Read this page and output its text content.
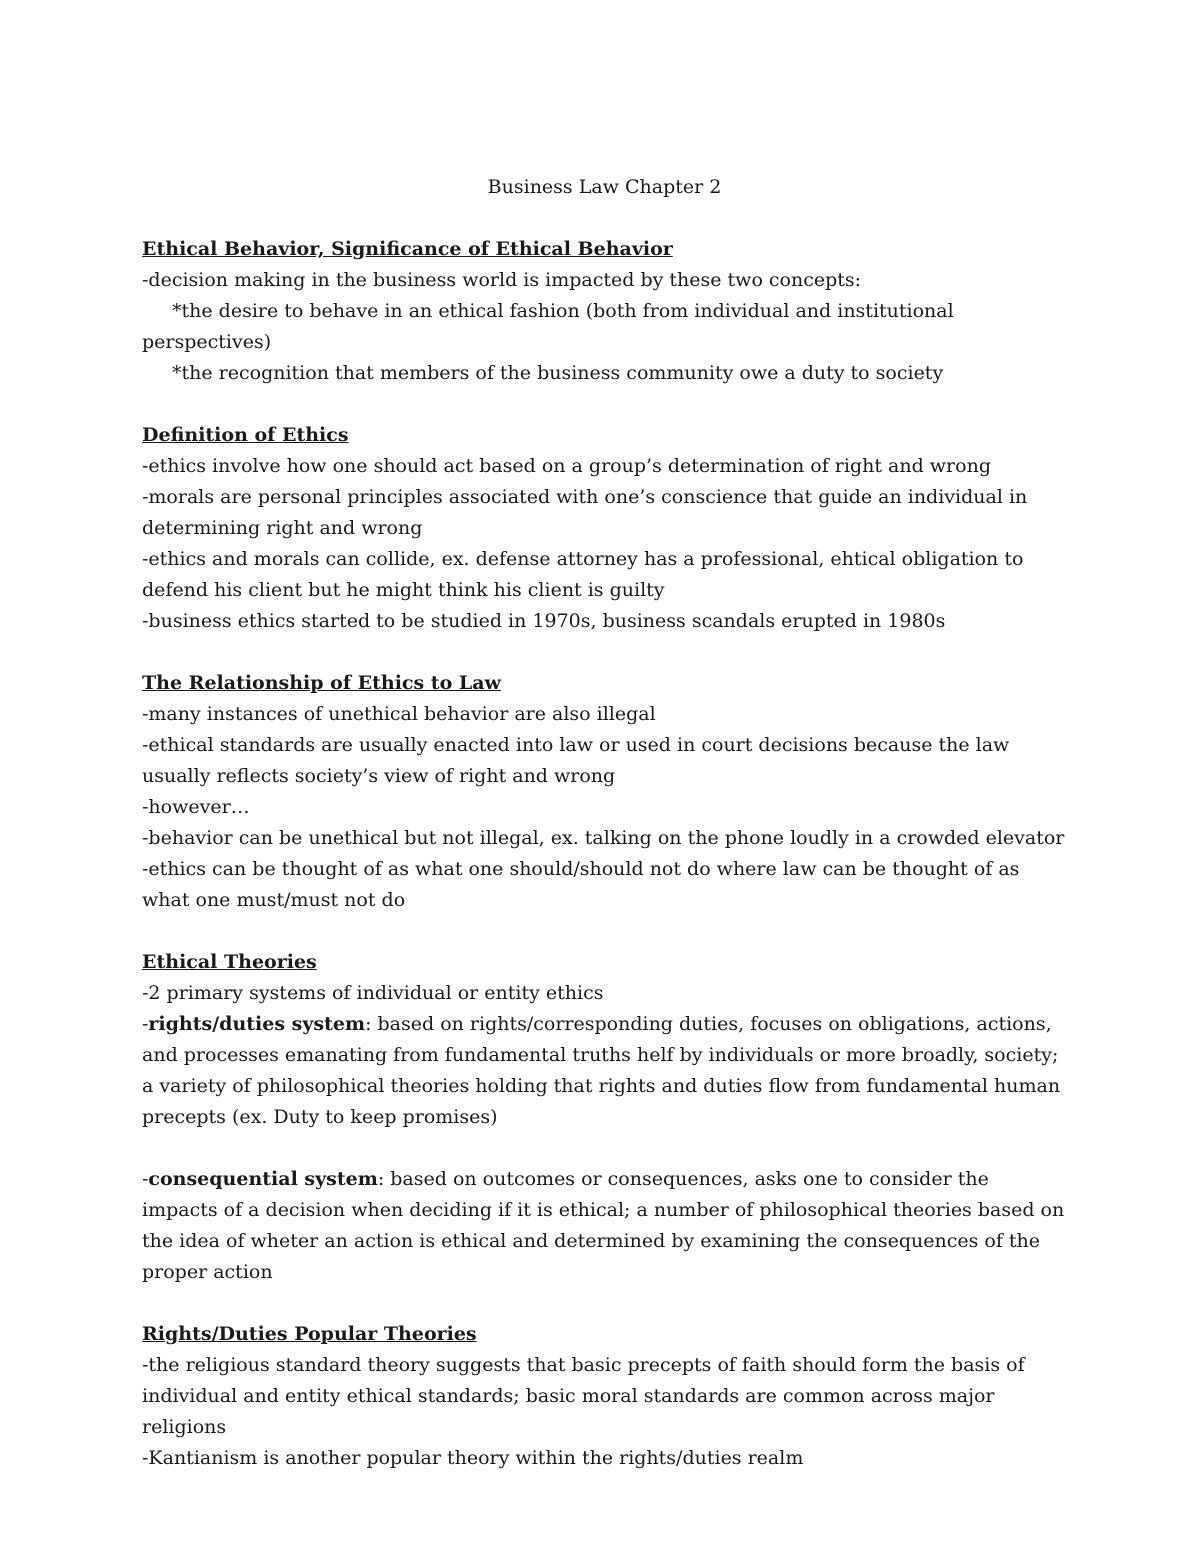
Business Law Chapter 2

Ethical Behavior, Significance of Ethical Behavior

-decision making in the business world is impacted by these two concepts:

*the desire to behave in an ethical fashion (both from individual and institutional

perspectives)

*the recognition that members of the business community owe a duty to society

Definition of Ethics

-ethics involve how one should act based on a group’s determination of right and wrong

-morals are personal principles associated with one’s conscience that guide an individual in determining right and wrong

-ethics and morals can collide, ex. defense attorney has a professional, ehtical obligation to defend his client but he might think his client is guilty

-business ethics started to be studied in 1970s, business scandals erupted in 1980s

The Relationship of Ethics to Law

-many instances of unethical behavior are also illegal

-ethical standards are usually enacted into law or used in court decisions because the law usually reflects society’s view of right and wrong

-however…

-behavior can be unethical but not illegal, ex. talking on the phone loudly in a crowded elevator

-ethics can be thought of as what one should/should not do where law can be thought of as what one must/must not do

Ethical Theories

-2 primary systems of individual or entity ethics

-rights/duties system: based on rights/corresponding duties, focuses on obligations, actions, and processes emanating from fundamental truths helf by individuals or more broadly, society; a variety of philosophical theories holding that rights and duties flow from fundamental human precepts (ex. Duty to keep promises)

-consequential system: based on outcomes or consequences, asks one to consider the impacts of a decision when deciding if it is ethical; a number of philosophical theories based on the idea of wheter an action is ethical and determined by examining the consequences of the proper action

Rights/Duties Popular Theories

-the religious standard theory suggests that basic precepts of faith should form the basis of individual and entity ethical standards; basic moral standards are common across major religions

-Kantianism is another popular theory within the rights/duties realm
